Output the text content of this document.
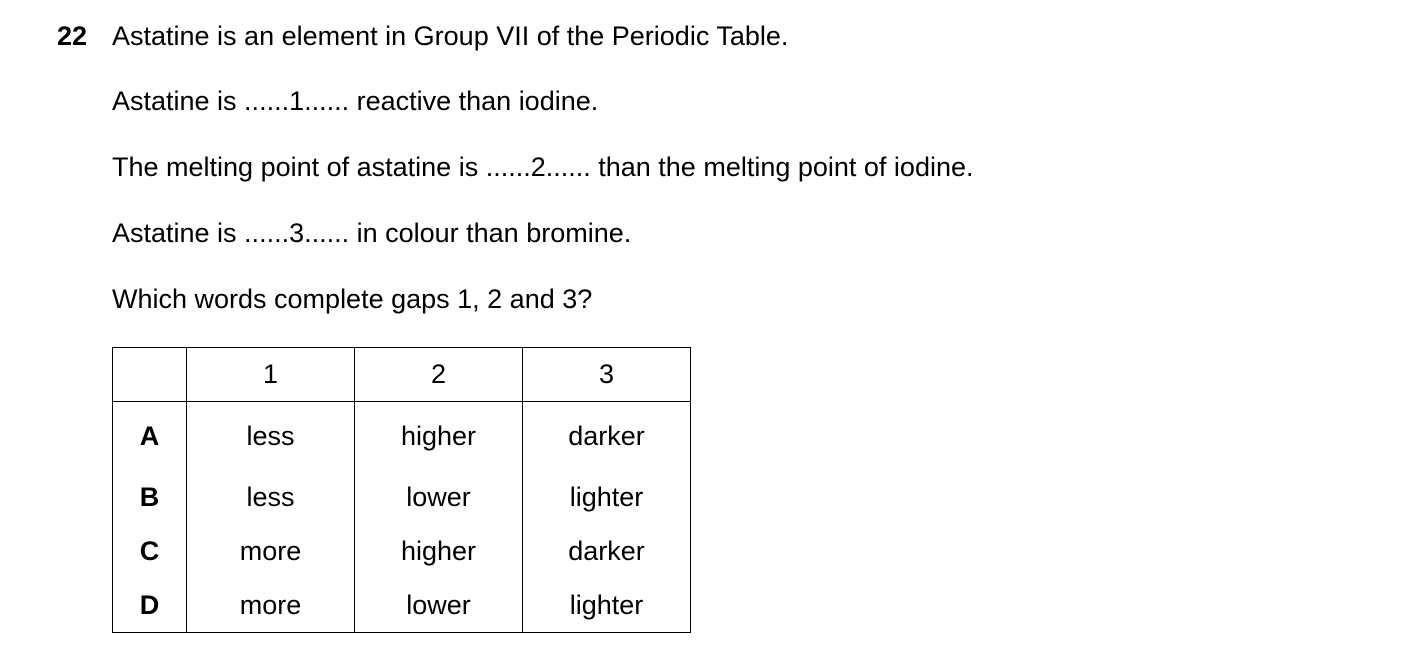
22 Astatine is an element in Group VII of the Periodic Table.
Astatine is ......1...... reactive than iodine.
The melting point of astatine is ......2...... than the melting point of iodine.
Astatine is ......3...... in colour than bromine.
Which words complete gaps 1, 2 and 3?
	1	2	3
A	less	higher	darker
B	less	lower	lighter
C	more	higher	darker
D	more	lower	lighter
